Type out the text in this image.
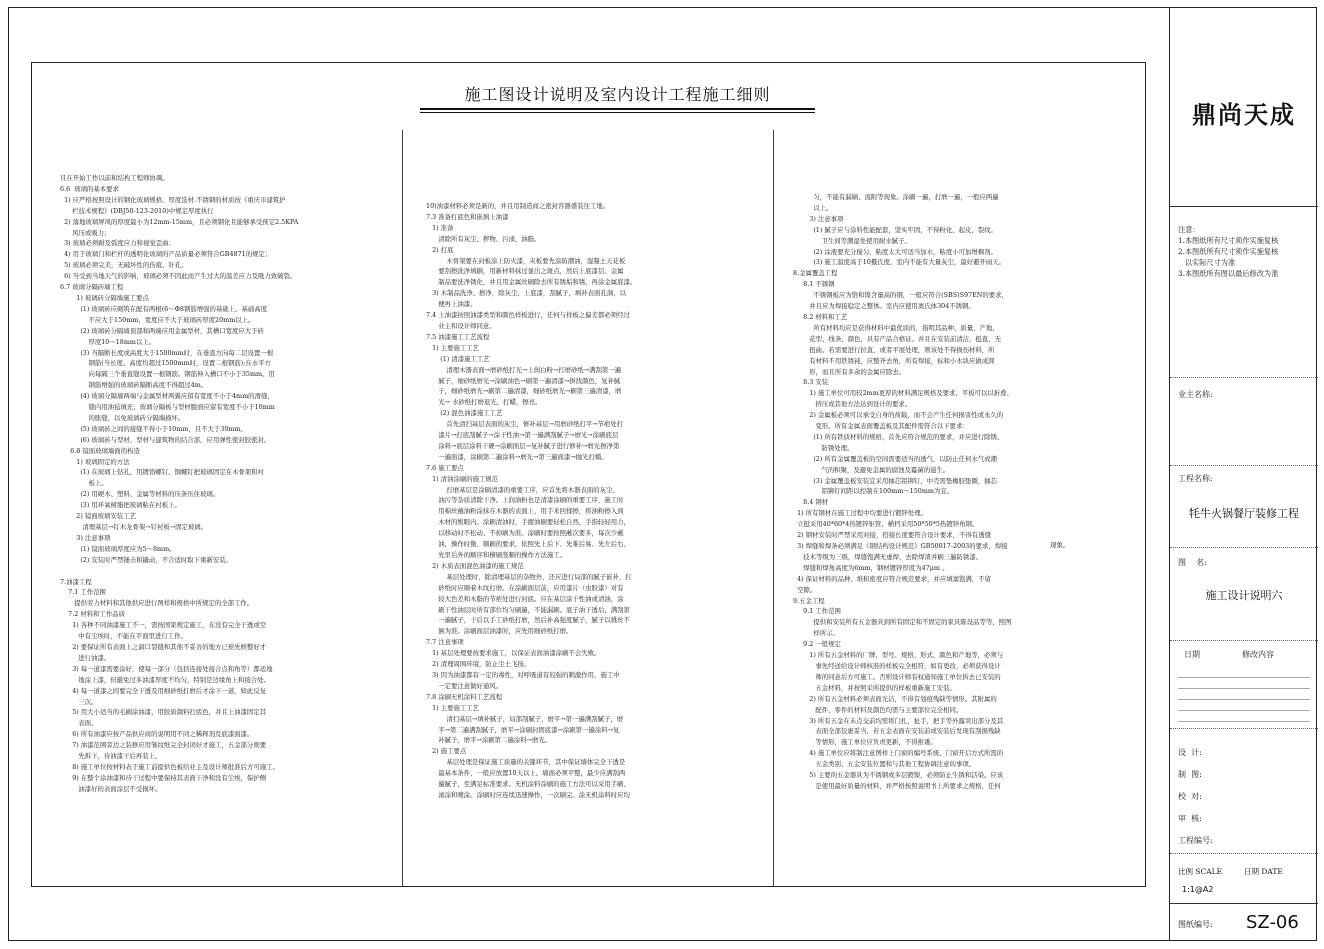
施工图设计说明及室内设计工程施工细则
且在开始工作以前和结构工程师协调。
6.6  玻璃的基本要求
1) 应严格按照设计的钢化玻璃规格、厚度选材.不锈钢的材质按《重庆市建筑护
栏技术规程》(DBJ50-123-2010)中规定厚度执行
2) 落地玻璃屏风的厚度最小为12mm-15mm，且必须钢化且能够承受预定2.5KPA
风压或吸力；
3) 玻璃必须耐及弧度应力和视觉歪曲；
4) 用于玻璃门和栏杆的透明化玻璃的产品质量必须符合GB4871的规定；
5) 玻璃必须完美，无破坏性的伤痕、针孔；
6) 当受到当地天气的影响，玻璃必须不因此而产生过大的温差应力及吸力致破裂。
6.7 玻璃分隔砖墙工程
1) 玻璃砖分隔墙施工要点
(1) 玻璃砖应砌筑在配有两根(6～Φ8钢筋增强的基础上。基础高度
不应大于150mm，宽度应不大于玻璃砖厚度20mm以上。
(2) 玻璃砖分隔墙顶部和两端应用金属型材，其槽口宽度应大于砖
厚度10～18mm以上。
(3) 当隔断长度或高度大于1500mm时，在垂直方向每二层设置一根
钢筋(当长度、高度均超过1500mm时，设置二根钢筋);在水平方
向每隔三个垂直缝设置一根钢筋。钢筋伸入槽口不小于35mm。用
钢筋增强的玻璃砖隔断高度不得超过4m。
(4) 玻璃分隔墙两端与金属型材两翼应留有宽度不小于4mm的滑缝，
缝内用油毡填充；玻璃分隔板与型材腹面应留有宽度不小于10mm
的胀缝，以免玻璃砖分隔墙损坏。
(5) 玻璃砖之间的接缝不得小于10mm，且不大于30mm。
(6) 玻璃砖与型材、型材与建筑物的结合部，应用弹性密封胶密封。
6.8 镜面玻璃墙面的构造
1) 玻璃固定的方法
(1) 在玻璃上钻孔，用镀铬螺钉、铜螺钉把玻璃固定在木骨架和衬
板上。
(2) 用硬木、塑料、金属等材料的压条压住玻璃。
(3) 用环氧树脂把玻璃粘在衬板上。
2) 镜面玻璃安装工艺
清理基层→钉木龙骨架→钉衬板→固定玻璃。
3) 注意事项
(1) 镜面玻璃厚度应为5～8mm。
(2) 安装时严禁锤击和撬动，不合适时取下重新安装。

7.油漆工程
7.1 工作范围
提供劳力材料和其他供应进行图样和规格中所规定的全部工作。
7.2 材料和工作品质
1) 各种不同油漆施工不一，需按国家规定施工，在没有完全干透或空
中有尘埃时，不能在平面里进行工作。
2) 要保证所有表面上之洞口裂缝和其他不妥善的地方已预先修整好才
进行油漆。
3) 每一道漆需要涂好，使每一部分（包括连接处接合点和角等）都适地
地涂上漆，但避免过多油漆厚度不均匀，特别是边缘角上和接合处。
4) 每一道漆之间要完全干透及用细砂纸打磨后才涂下一道，如此反复
三次。
5) 用大小适当的毛刷涂油漆，用胶质颜料打底色，并且上油漆固定其
表面。
6) 所有油漆应按产品供应商的说明用不同之稀释剂及底漆面漆。
7) 油漆范围旁边之装修应用皱纹纸完全封闭好才施工，五金部分则要
先拆下，待油漆干后再装上。
8) 施工单位按材料表于施工前提供色板给业主及设计师批准后方可施工。
9) 在整个涂油漆和待干过程中要保持其表面干净和没有尘埃，保护侧
油漆好的表面涂层不受损坏。
10)油漆材料必须是新的，并且用制造商之密封容器盛装往工地。
7.3 准备打底色和嵌填上油漆
1) 准备
清除所有灰尘、秽物、污渍、油脂。
2) 打底
木骨架要在封板涂上防火漆，夹板要先涂防潮油，湿凝土天花板
要刮擦洗净填刷，用新材料抹过显出之斑点，然后上底漆层、金属
制品要洗净锈化，并且用金属丝刷除去所有锈垢和锈，再涂金属底漆。
3) 木制品洗净、擦净，除灰尘，上底漆，刮腻子，填补表面孔洞，以
便再上油漆。
7.4 上油漆按照油漆类型和颜色样板进行，任何与样板之偏差都必须经过
业主和设计师同意。
7.5 油漆施工工艺流程
1) 主要施工工艺
(1) 清漆施工工艺
清理木器表面→磨砂纸打光→上润白粉→打磨砂纸→满刮第一遍
腻子，细砂纸磨光→涂刷油色→刷第一遍清漆→拼找颜色，复补腻
子，细砂纸磨光→刷第二遍清漆，细砂纸磨光→刷第三遍清漆，磨
光→ 水砂纸打磨退光，打蜡，擦亮。
(2) 混色油漆施工工艺
首先清扫基层表面的灰尘，修补基层→用磨砂纸打平→节疤处打
漆片→打底刮腻子→涂干性油→第一遍满刮腻子→磨光→涂刷底层
涂料→底层涂料干硬→涂刷面层→复补腻子进行修补→磨光擦净第
一遍面漆，涂刷第二遍涂料→磨光→第三遍面漆→抛光打蜡。
7.6 施工要点
1) 清油涂刷的施工规范
打磨基层是涂刷清漆的重要工序，应首先将木器表面的灰尘、
油污等杂质清除干净。上润油粉也是清漆涂刷的重要工序，施工时
用棉丝蘸油粉涂抹在木器的表面上，用手来回揉擦，将油粉擦入到
木材的鬃眼内。涂刷清油时，手握油刷要轻松自然，手指轻轻用力，
以移动时不松动、不掉刷为准。涂刷时要按照蘸次要多，每次少蘸
油，操作时勤、顺刷的要求，依照先上后下、先难后易、先左后右、
先里后外的顺序和横刷竖顺的操作方法施工。
2) 木质表面混色油漆的施工规范
基层处理时，除清理基层的杂物外，还应进行局部的腻子嵌补，打
砂纸时应顺着木纹打磨。在涂刷面层前，应用漆片（虫胶漆）对有
较大色差和木脂的节疤处进行封底。应在基层涂干性油或清油，涂
刷干性油层时所有部位均匀刷遍，不能漏刷。底子油干透后，满刮第
一遍腻子，干后以手工砂纸打磨，然后补高强度腻子，腻子以挑丝不
倒为准。涂刷面层油漆时，应先用细砂纸打磨。
7.7 注意事项
1) 基层处理要按要求施工，以保证表面油漆涂刷不会失败。
2) 清理周围环境，防止尘土飞扬。
3) 因为油漆都有一定的毒性，对呼吸道有较强的刺激作用，施工中
一定要注意做好通风。
7.8 涂刷无机涂料工艺流程
1) 主要施工工艺
清扫基层→填补腻子，局部刮腻子，磨平→第一遍满刮腻子，磨
平→第二遍满刮腻子，磨平→涂刷封固底漆→涂刷第一遍涂料→复
补腻子，磨平→涂刷第二遍涂料→磨光。
2) 施工要点
基层处理是保证施工质量的关键环节，其中保证墙体完全干透是
最基本条件，一般应放置10天以上。墙面必须平整，最少应满刮两
遍腻子，至满足标准要求。无机涂料涂刷的施工方法可以采用手刷、
滚涂和喷涂。涂刷时应连续迅速操作，一次刷完。涂无机涂料时应均
匀，不能有漏刷、流附等现象。涂刷一遍，打磨一遍，一般应两遍
以上。
3) 注意事项
(1) 腻子应与涂料性能配套，坚实牢固，不得粉化、起皮、裂纹。
卫生间等潮湿处使用耐水腻子。
(2) 涂液要充分搅匀，粘度太大可适当加水，粘度小可加增稠剂。
(3) 施工温度高于10摄氏度，室内不能有大量灰尘，最好避开雨天。
8.金属覆盖工程
8.1 不锈钢
不锈钢板应为铬和镍含量高的钢，一般应符合(SBS)S97EN的要求，
并且应为焊接稳定之整体。室内应使用奥氏体304不锈钢。
8.2 材料和工艺
所有材料均应是获得材料中最优质的，指明其品种、质量、产地、
花型、线条、颜色，具有产品合格证。并且在安装前清洁，挺直，无
扭曲。若需要进行拉直，或者平展处理，则该处不得损伤材料，所
有材料不用铁锈钝，应整齐去角，所有焊接，标和小木块应做成圆
形，而且所有多余的金属应除去。
8.3 安装
1) 施工单位可用较2mm更厚的材料满足规格及要求，平板可以以折叠、
挤压或其他方法达到设计的要求。
2) 金属板必须可以承受自身的荷载，而不会产生任何损害性或永久的
变形。所有金属表面覆盖板及其配件需符合以下要求：
(1) 所有铁质材料的规格，首先应符合规范的要求，并应进行除锈、
防锈处理。
(2) 所有金属覆盖板的空间需要适当的透气，以防止任何水气或潮
气的积聚，及避免金属的腐蚀及霉菌的滋生。
(3) 金属覆盖板安装宜采用抽芯铝铆钉，中壳需垫橡胶垫圈，抽芯
铝铆钉间距以控制在100mm～150mm为宜。
8.4 钢材
1) 所有钢材在施工过程中均要进行镀锌处理。
立挺采用40*60*4热镀锌矩管，横档采用50*50*5热镀锌角钢。
2) 钢材安装时严禁采用对接，搭接长度要符合设计要求，不得有透缝
3) 焊缝和焊条必须满足《钢结构设计规范》GB50017-2003的要求，焊接
技术等级为三级，焊缝饱满无虚焊，去除焊渣并刷三遍防锈漆。
焊缝和焊角高度为6mm，钢材镀锌厚度为47μm 。
4) 保证材料的品种、堆积密度应符合规范要求，并应填塞饱满，不留
空隙。
9.五金工程
9.1 工作范围
提供和安装所有五金器具到所有固定和不固定的家具陈设品等等，照图
样所示。
9.2 一般规定
1) 所有五金材料的厂牌，型号、规格、形式、颜色和产地等，必须与
事先经送给设计师核准的样板完全相符，如有更改，必须获得设计
师的同意后方可施工。否则设计师有权通知施工单位拆去已安装的
五金材料，并按照采所提供的样板重新施工安装。
2) 所有五金材料必须表面光洁，不得有划痕残缺等情形。其附属的
配件，零件的材料及颜色均需与主要部位完全相同。
3) 所有五金在未点交前均需将门扎，扯手，把手等外露突出部分及其
表面全部包裹妥当，若五金表面在安装前或安装后发现有刮损残缺
等情形，施工单位应负责更新，不得推诿。
4) 施工单位应将制注意图样上门窗的编号系统，门窗开启方式所需的
五金类别、五金安装位置和与其他工程协调注意的事项。
5) 主要的五金器具为不锈钢或多层镀镍，必须防止生锈和活染。应该
是使用最好质量的材料，并严格按照说明书上所要求之规格，任何
现象。
鼎尚天成
注意：
1.本图纸所有尺寸须作实施复核
2.本图纸所有尺寸须作实施复核
以实际尺寸为准
3.本图纸所有图以最后修改为准
业主名称:
工程名称:
牦牛火锅餐厅装修工程
图    名:
施工设计说明六
日期	修改内容
设  计:
制  图:
校  对:
审  核:
工程编号:
比例 SCALE	日期 DATE
1:1@A2
图纸编号: SZ-06
